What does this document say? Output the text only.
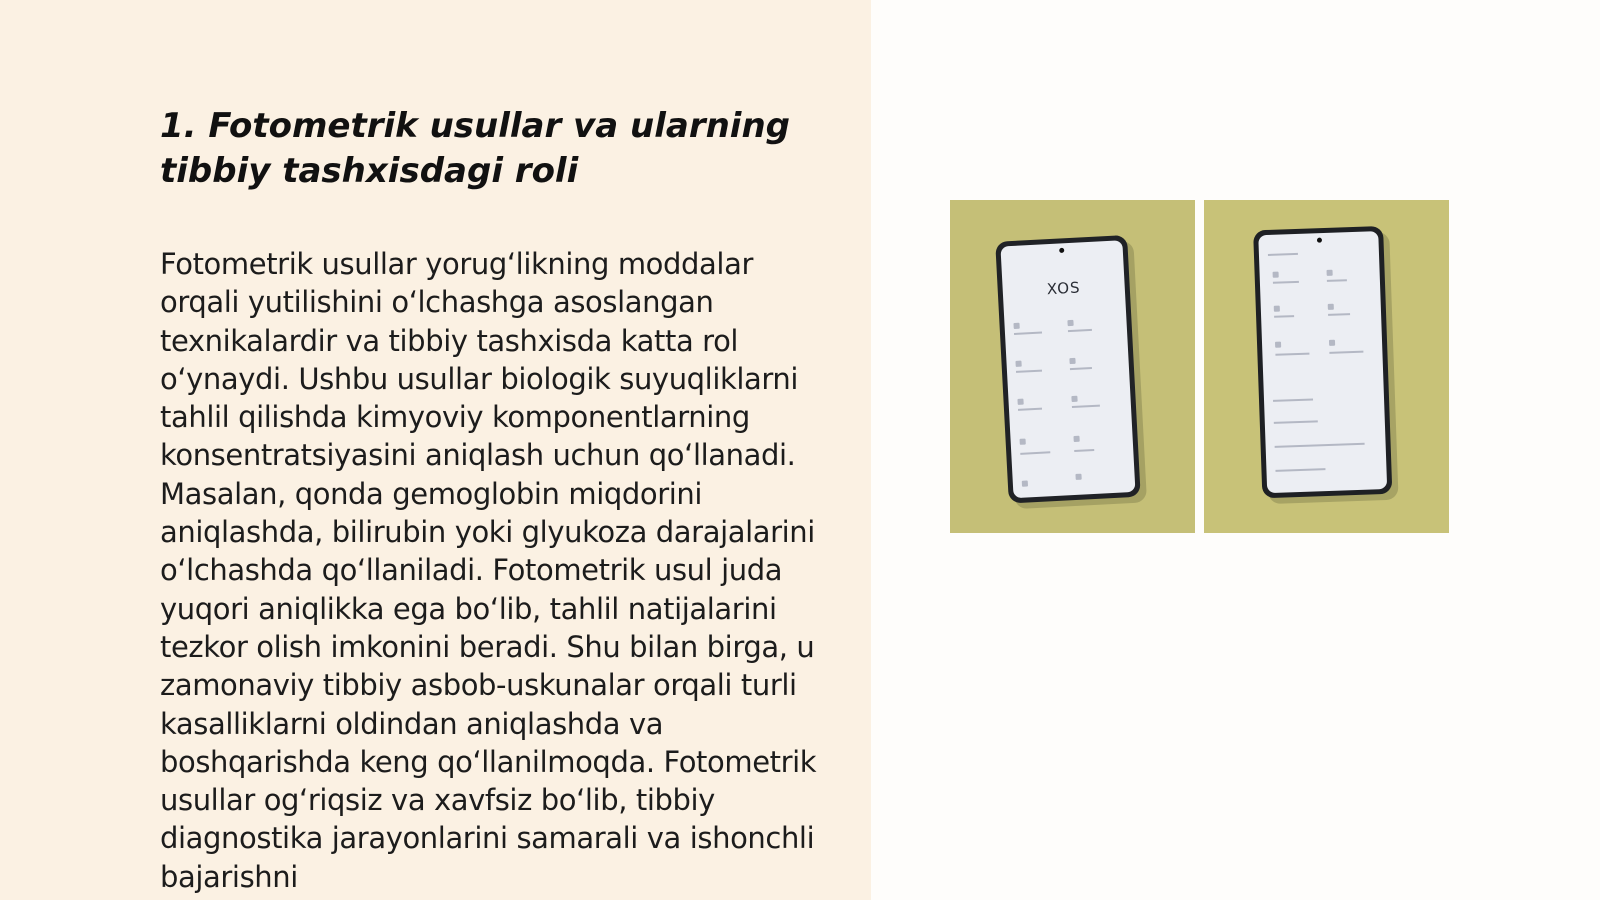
1. Fotometrik usullar va ularning tibbiy tashxisdagi roli

Fotometrik usullar yorug‘likning moddalar orqali yutilishini o‘lchashga asoslangan texnikalardir va tibbiy tashxisda katta rol o‘ynaydi. Ushbu usullar biologik suyuqliklarni tahlil qilishda kimyoviy komponentlarning konsentratsiyasini aniqlash uchun qo‘llanadi. Masalan, qonda gemoglobin miqdorini aniqlashda, bilirubin yoki glyukoza darajalarini o‘lchashda qo‘llaniladi. Fotometrik usul juda yuqori aniqlikka ega bo‘lib, tahlil natijalarini tezkor olish imkonini beradi. Shu bilan birga, u zamonaviy tibbiy asbob-uskunalar orqali turli kasalliklarni oldindan aniqlashda va boshqarishda keng qo‘llanilmoqda. Fotometrik usullar og‘riqsiz va xavfsiz bo‘lib, tibbiy diagnostika jarayonlarini samarali va ishonchli bajarishni

XOS
